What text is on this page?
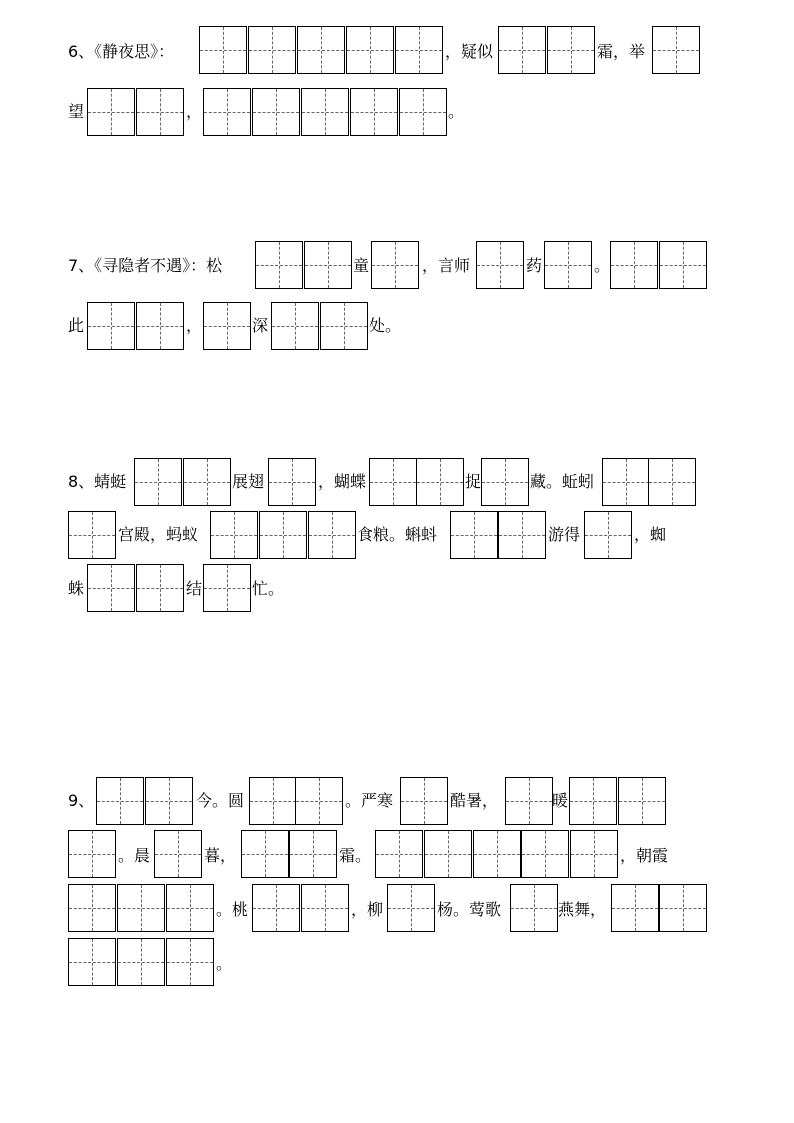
6、《静夜思》：	，疑似	霜，举
望	，	。
7、《寻隐者不遇》：松	童	，言师	药	。
此	，	深	处。
8、蜻蜓	展翅	，蝴蝶	捉	藏。蚯蚓
宫殿，蚂蚁	食粮。蝌蚪	游得	，蜘
蛛	结	忙。
9、	今。圆	。严寒	酷暑，	暖
。晨	暮，	霜。	，朝霞
。桃	，柳	杨。莺歌	燕舞，
。
